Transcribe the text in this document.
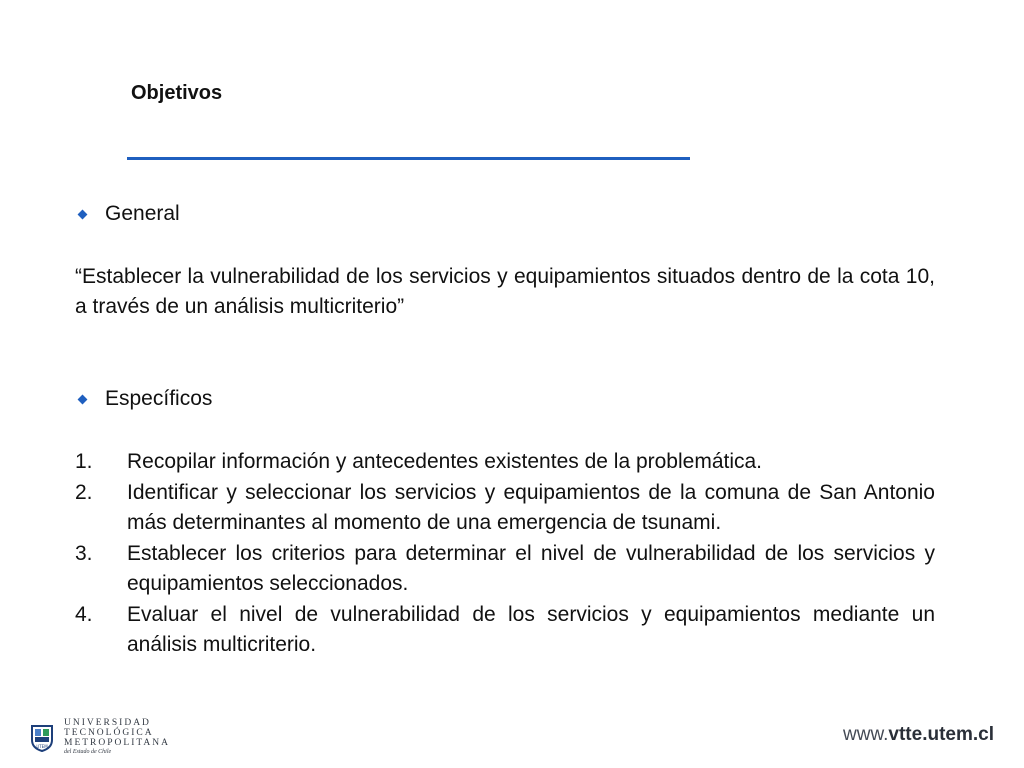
Objetivos
General
“Establecer la vulnerabilidad de los servicios y equipamientos situados dentro de la cota 10, a través de un análisis multicriterio”
Específicos
1.	Recopilar información y antecedentes existentes de la problemática.
2.	Identificar y seleccionar los servicios y equipamientos de la comuna de San Antonio más determinantes al momento de una emergencia de tsunami.
3.	Establecer los criterios para determinar el nivel de vulnerabilidad de los servicios y equipamientos seleccionados.
4.	Evaluar el nivel de vulnerabilidad de los servicios y equipamientos mediante un análisis multicriterio.
UTEM
UNIVERSIDAD
TECNOLÓGICA
METROPOLITANA
del Estado de Chile
www.vtte.utem.cl
